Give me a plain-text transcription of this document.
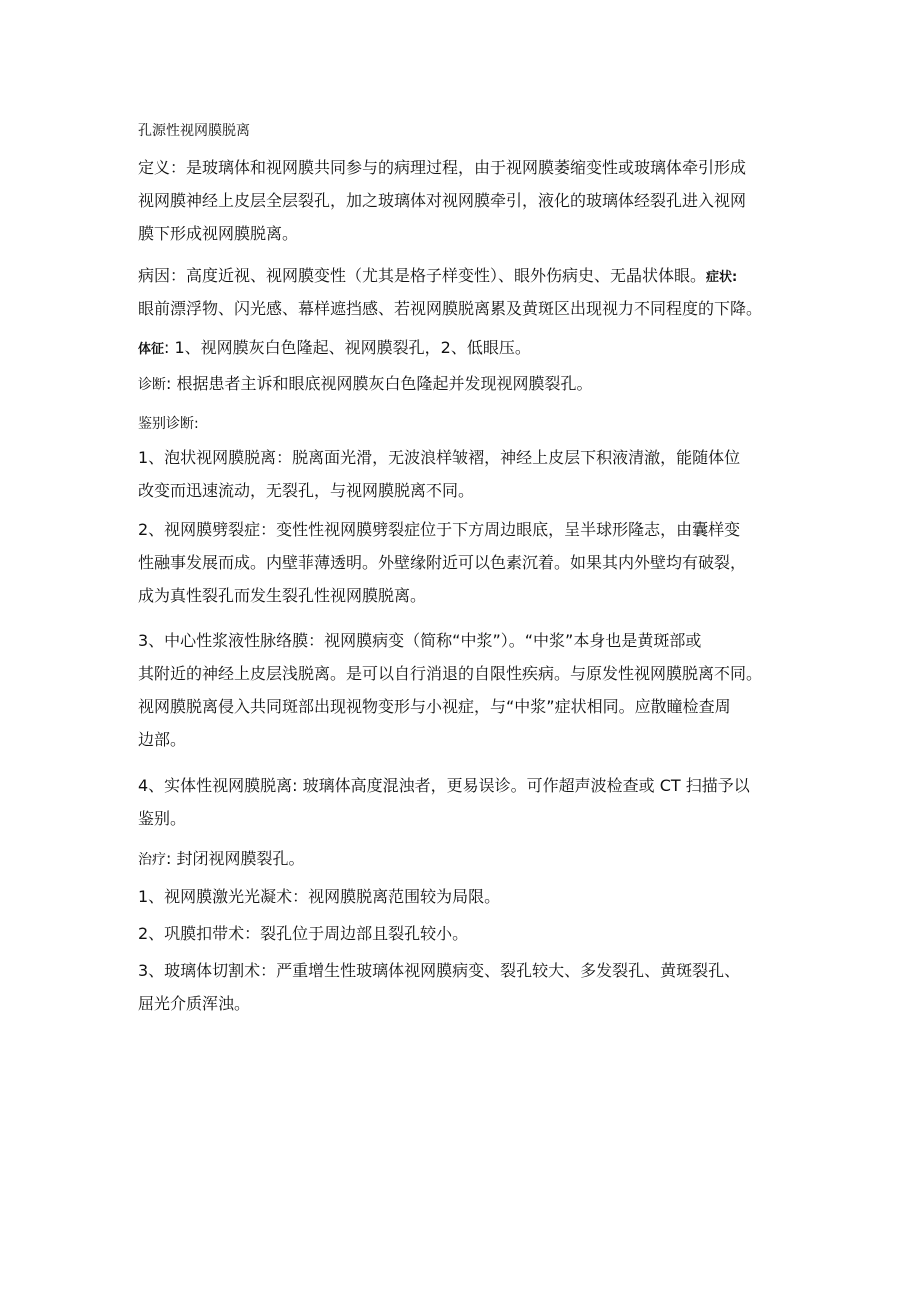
孔源性视网膜脱离
定义：是玻璃体和视网膜共同参与的病理过程，由于视网膜萎缩变性或玻璃体牵引形成
视网膜神经上皮层全层裂孔，加之玻璃体对视网膜牵引，液化的玻璃体经裂孔进入视网
膜下形成视网膜脱离。
病因：高度近视、视网膜变性（尤其是格子样变性）、眼外伤病史、无晶状体眼。症状:
眼前漂浮物、闪光感、幕样遮挡感、若视网膜脱离累及黄斑区出现视力不同程度的下降。
体征: 1、视网膜灰白色隆起、视网膜裂孔，2、低眼压。
诊断: 根据患者主诉和眼底视网膜灰白色隆起并发现视网膜裂孔。
鉴别诊断:
1、泡状视网膜脱离：脱离面光滑，无波浪样皱褶，神经上皮层下积液清澈，能随体位
改变而迅速流动，无裂孔，与视网膜脱离不同。
2、视网膜劈裂症：变性性视网膜劈裂症位于下方周边眼底，呈半球形隆志，由囊样变
性融事发展而成。内壁菲薄透明。外壁缘附近可以色素沉着。如果其内外壁均有破裂，
成为真性裂孔而发生裂孔性视网膜脱离。
3、中心性浆液性脉络膜：视网膜病变（简称“中浆”）。“中浆”本身也是黄斑部或
其附近的神经上皮层浅脱离。是可以自行消退的自限性疾病。与原发性视网膜脱离不同。
视网膜脱离侵入共同斑部出现视物变形与小视症，与“中浆”症状相同。应散瞳检查周
边部。
4、实体性视网膜脱离: 玻璃体高度混浊者，更易误诊。可作超声波检查或 CT 扫描予以
鉴别。
治疗: 封闭视网膜裂孔。
1、视网膜激光光凝术：视网膜脱离范围较为局限。
2、巩膜扣带术：裂孔位于周边部且裂孔较小。
3、玻璃体切割术：严重增生性玻璃体视网膜病变、裂孔较大、多发裂孔、黄斑裂孔、
屈光介质浑浊。
